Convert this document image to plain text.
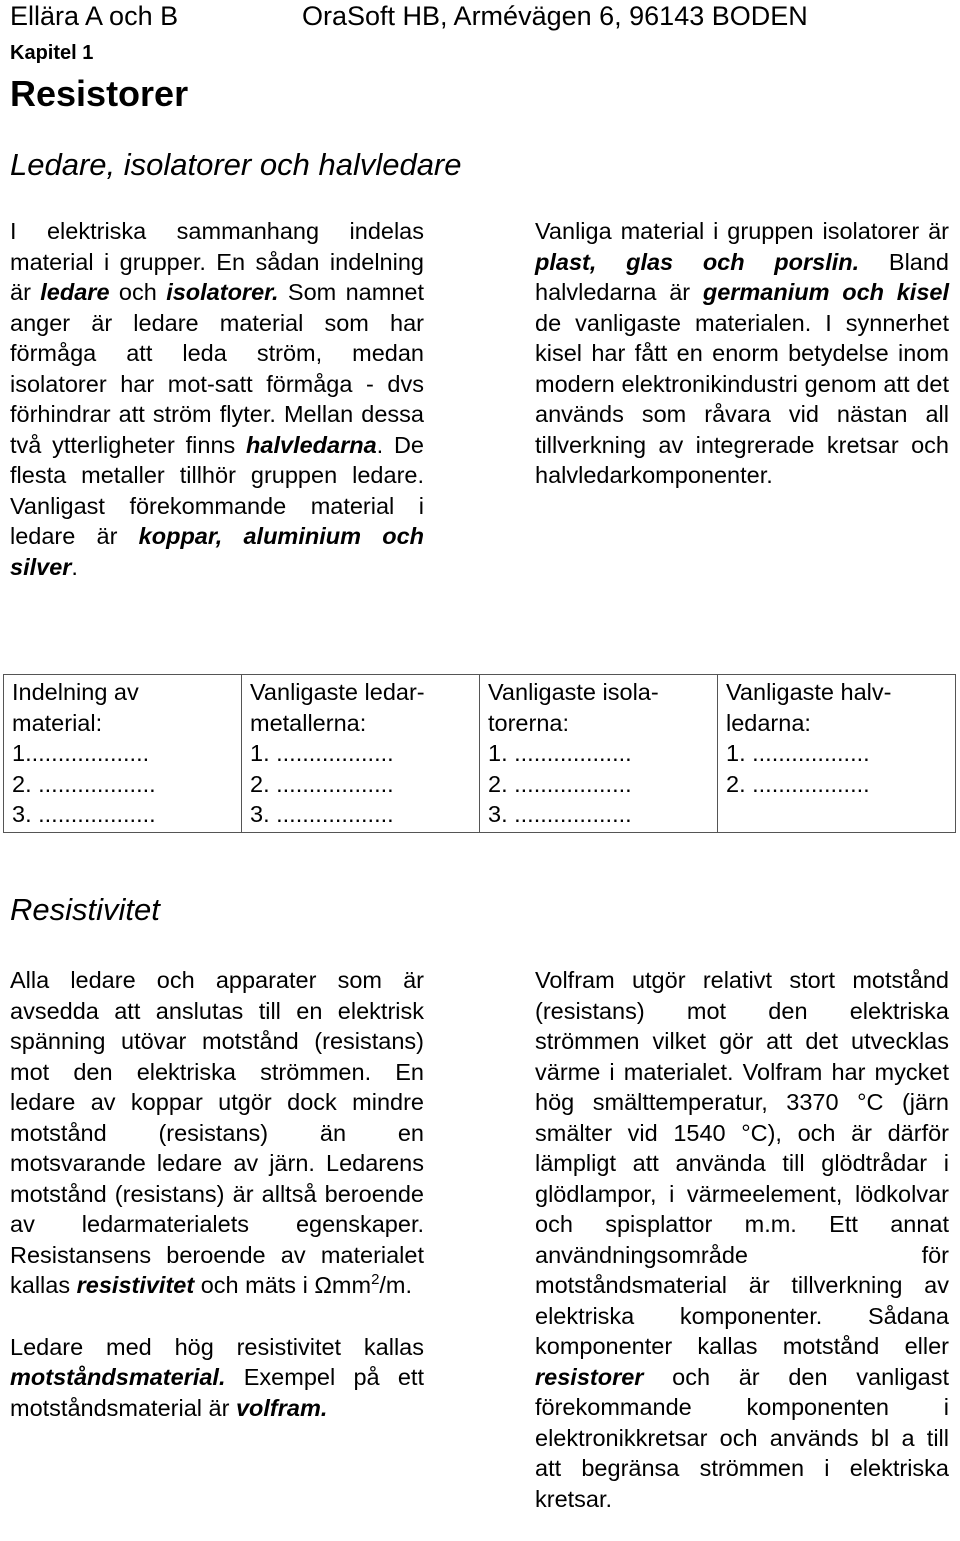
Ellära A och B	OraSoft HB, Armévägen 6, 96143 BODEN
Kapitel 1
Resistorer
Ledare, isolatorer och halvledare

I elektriska sammanhang indelas material i grupper. En sådan indelning är ledare och isolatorer. Som namnet anger är ledare material som har förmåga att leda ström, medan isolatorer har mot-satt förmåga - dvs förhindrar att ström flyter. Mellan dessa två ytterligheter finns halvledarna. De flesta metaller tillhör gruppen ledare. Vanligast förekommande material i ledare är koppar, aluminium och silver.

Vanliga material i gruppen isolatorer är plast, glas och porslin. Bland halvledarna är germanium och kisel de vanligaste materialen. I synnerhet kisel har fått en enorm betydelse inom modern elektronikindustri genom att det används som råvara vid nästan all tillverkning av integrerade kretsar och halvledarkomponenter.

Indelning av
material:
1...................
2. ..................
3. ..................

Vanligaste ledar-
metallerna:
1. ..................
2. ..................
3. ..................

Vanligaste isola-
torerna:
1. ..................
2. ..................
3. ..................

Vanligaste halv-
ledarna:
1. ..................
2. ..................
Resistivitet

Alla ledare och apparater som är avsedda att anslutas till en elektrisk spänning utövar motstånd (resistans) mot den elektriska strömmen. En ledare av koppar utgör dock mindre motstånd (resistans) än en motsvarande ledare av järn. Ledarens motstånd (resistans) är alltså beroende av ledarmaterialets egenskaper. Resistansens beroende av materialet kallas resistivitet och mäts i Ωmm$^2$/m.

Ledare med hög resistivitet kallas motståndsmaterial. Exempel på ett motståndsmaterial är volfram.

Volfram utgör relativt stort motstånd (resistans) mot den elektriska strömmen vilket gör att det utvecklas värme i materialet. Volfram har mycket hög smälttemperatur, 3370 °C (järn smälter vid 1540 °C), och är därför lämpligt att använda till glödtrådar i glödlampor, i värmeelement, lödkolvar och spisplattor m.m. Ett annat användningsområde för motståndsmaterial är tillverkning av elektriska komponenter. Sådana komponenter kallas motstånd eller resistorer och är den vanligast förekommande komponenten i elektronikkretsar och används bl a till att begränsa strömmen i elektriska kretsar.
